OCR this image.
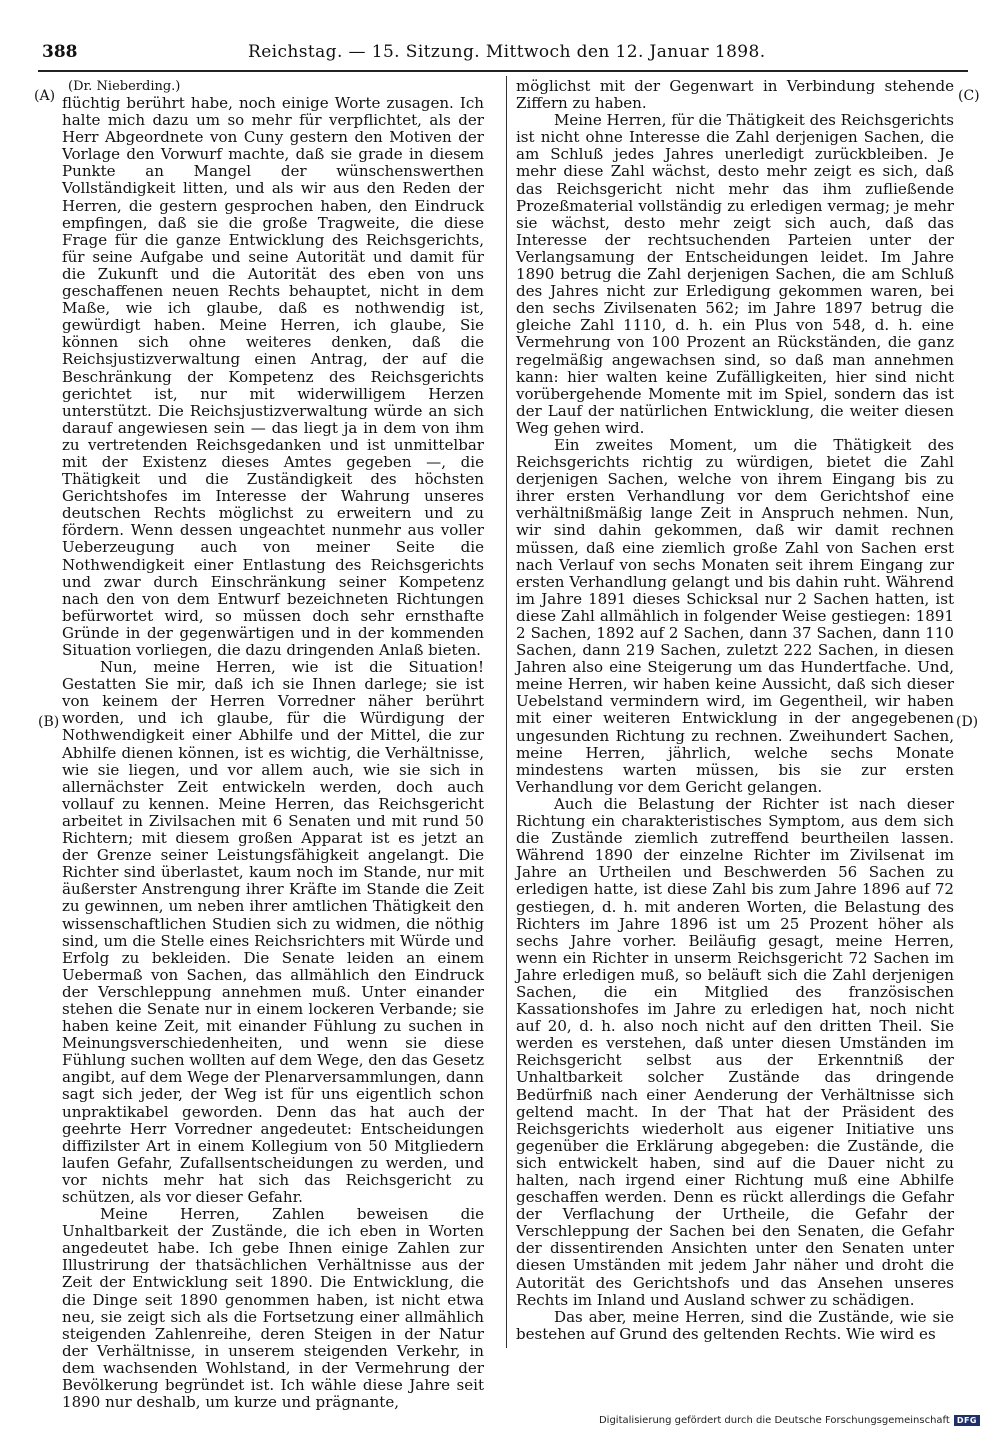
388	Reichstag. — 15. Sitzung. Mittwoch den 12. Januar 1898.
(A)
(B)
(C)
(D)

(Dr. Nieberding.)

flüchtig berührt habe, noch einige Worte zusagen. Ich halte mich dazu um so mehr für verpflichtet, als der Herr Abgeordnete von Cuny gestern den Motiven der Vorlage den Vorwurf machte, daß sie grade in diesem Punkte an Mangel der wünschenswerthen Vollständigkeit litten, und als wir aus den Reden der Herren, die gestern gesprochen haben, den Eindruck empfingen, daß sie die große Tragweite, die diese Frage für die ganze Entwicklung des Reichsgerichts, für seine Aufgabe und seine Autorität und damit für die Zukunft und die Autorität des eben von uns geschaffenen neuen Rechts behauptet, nicht in dem Maße, wie ich glaube, daß es nothwendig ist, gewürdigt haben. Meine Herren, ich glaube, Sie können sich ohne weiteres denken, daß die Reichsjustizverwaltung einen Antrag, der auf die Beschränkung der Kompetenz des Reichsgerichts gerichtet ist, nur mit widerwilligem Herzen unterstützt. Die Reichsjustizverwaltung würde an sich darauf angewiesen sein — das liegt ja in dem von ihm zu vertretenden Reichsgedanken und ist unmittelbar mit der Existenz dieses Amtes gegeben —, die Thätigkeit und die Zuständigkeit des höchsten Gerichtshofes im Interesse der Wahrung unseres deutschen Rechts möglichst zu erweitern und zu fördern. Wenn dessen ungeachtet nunmehr aus voller Ueberzeugung auch von meiner Seite die Nothwendigkeit einer Entlastung des Reichsgerichts und zwar durch Einschränkung seiner Kompetenz nach den von dem Entwurf bezeichneten Richtungen befürwortet wird, so müssen doch sehr ernsthafte Gründe in der gegenwärtigen und in der kommenden Situation vorliegen, die dazu dringenden Anlaß bieten.

Nun, meine Herren, wie ist die Situation! Gestatten Sie mir, daß ich sie Ihnen darlege; sie ist von keinem der Herren Vorredner näher berührt worden, und ich glaube, für die Würdigung der Nothwendigkeit einer Abhilfe und der Mittel, die zur Abhilfe dienen können, ist es wichtig, die Verhältnisse, wie sie liegen, und vor allem auch, wie sie sich in allernächster Zeit entwickeln werden, doch auch vollauf zu kennen. Meine Herren, das Reichsgericht arbeitet in Zivilsachen mit 6 Senaten und mit rund 50 Richtern; mit diesem großen Apparat ist es jetzt an der Grenze seiner Leistungsfähigkeit angelangt. Die Richter sind überlastet, kaum noch im Stande, nur mit äußerster Anstrengung ihrer Kräfte im Stande die Zeit zu gewinnen, um neben ihrer amtlichen Thätigkeit den wissenschaftlichen Studien sich zu widmen, die nöthig sind, um die Stelle eines Reichsrichters mit Würde und Erfolg zu bekleiden. Die Senate leiden an einem Uebermaß von Sachen, das allmählich den Eindruck der Verschleppung annehmen muß. Unter einander stehen die Senate nur in einem lockeren Verbande; sie haben keine Zeit, mit einander Fühlung zu suchen in Meinungsverschiedenheiten, und wenn sie diese Fühlung suchen wollten auf dem Wege, den das Gesetz angibt, auf dem Wege der Plenarversammlungen, dann sagt sich jeder, der Weg ist für uns eigentlich schon unpraktikabel geworden. Denn das hat auch der geehrte Herr Vorredner angedeutet: Entscheidungen diffizilster Art in einem Kollegium von 50 Mitgliedern laufen Gefahr, Zufallsentscheidungen zu werden, und vor nichts mehr hat sich das Reichsgericht zu schützen, als vor dieser Gefahr.

Meine Herren, Zahlen beweisen die Unhaltbarkeit der Zustände, die ich eben in Worten angedeutet habe. Ich gebe Ihnen einige Zahlen zur Illustrirung der thatsächlichen Verhältnisse aus der Zeit der Entwicklung seit 1890. Die Entwicklung, die die Dinge seit 1890 genommen haben, ist nicht etwa neu, sie zeigt sich als die Fortsetzung einer allmählich steigenden Zahlenreihe, deren Steigen in der Natur der Verhältnisse, in unserem steigenden Verkehr, in dem wachsenden Wohlstand, in der Vermehrung der Bevölkerung begründet ist. Ich wähle diese Jahre seit 1890 nur deshalb, um kurze und prägnante,

möglichst mit der Gegenwart in Verbindung stehende Ziffern zu haben.

Meine Herren, für die Thätigkeit des Reichsgerichts ist nicht ohne Interesse die Zahl derjenigen Sachen, die am Schluß jedes Jahres unerledigt zurückbleiben. Je mehr diese Zahl wächst, desto mehr zeigt es sich, daß das Reichsgericht nicht mehr das ihm zufließende Prozeßmaterial vollständig zu erledigen vermag; je mehr sie wächst, desto mehr zeigt sich auch, daß das Interesse der rechtsuchenden Parteien unter der Verlangsamung der Entscheidungen leidet. Im Jahre 1890 betrug die Zahl derjenigen Sachen, die am Schluß des Jahres nicht zur Erledigung gekommen waren, bei den sechs Zivilsenaten 562; im Jahre 1897 betrug die gleiche Zahl 1110, d. h. ein Plus von 548, d. h. eine Vermehrung von 100 Prozent an Rückständen, die ganz regelmäßig angewachsen sind, so daß man annehmen kann: hier walten keine Zufälligkeiten, hier sind nicht vorübergehende Momente mit im Spiel, sondern das ist der Lauf der natürlichen Entwicklung, die weiter diesen Weg gehen wird.

Ein zweites Moment, um die Thätigkeit des Reichsgerichts richtig zu würdigen, bietet die Zahl derjenigen Sachen, welche von ihrem Eingang bis zu ihrer ersten Verhandlung vor dem Gerichtshof eine verhältnißmäßig lange Zeit in Anspruch nehmen. Nun, wir sind dahin gekommen, daß wir damit rechnen müssen, daß eine ziemlich große Zahl von Sachen erst nach Verlauf von sechs Monaten seit ihrem Eingang zur ersten Verhandlung gelangt und bis dahin ruht. Während im Jahre 1891 dieses Schicksal nur 2 Sachen hatten, ist diese Zahl allmählich in folgender Weise gestiegen: 1891 2 Sachen, 1892 auf 2 Sachen, dann 37 Sachen, dann 110 Sachen, dann 219 Sachen, zuletzt 222 Sachen, in diesen Jahren also eine Steigerung um das Hundertfache. Und, meine Herren, wir haben keine Aussicht, daß sich dieser Uebelstand vermindern wird, im Gegentheil, wir haben mit einer weiteren Entwicklung in der angegebenen ungesunden Richtung zu rechnen. Zweihundert Sachen, meine Herren, jährlich, welche sechs Monate mindestens warten müssen, bis sie zur ersten Verhandlung vor dem Gericht gelangen.

Auch die Belastung der Richter ist nach dieser Richtung ein charakteristisches Symptom, aus dem sich die Zustände ziemlich zutreffend beurtheilen lassen. Während 1890 der einzelne Richter im Zivilsenat im Jahre an Urtheilen und Beschwerden 56 Sachen zu erledigen hatte, ist diese Zahl bis zum Jahre 1896 auf 72 gestiegen, d. h. mit anderen Worten, die Belastung des Richters im Jahre 1896 ist um 25 Prozent höher als sechs Jahre vorher. Beiläufig gesagt, meine Herren, wenn ein Richter in unserm Reichsgericht 72 Sachen im Jahre erledigen muß, so beläuft sich die Zahl derjenigen Sachen, die ein Mitglied des französischen Kassationshofes im Jahre zu erledigen hat, noch nicht auf 20, d. h. also noch nicht auf den dritten Theil. Sie werden es verstehen, daß unter diesen Umständen im Reichsgericht selbst aus der Erkenntniß der Unhaltbarkeit solcher Zustände das dringende Bedürfniß nach einer Aenderung der Verhältnisse sich geltend macht. In der That hat der Präsident des Reichsgerichts wiederholt aus eigener Initiative uns gegenüber die Erklärung abgegeben: die Zustände, die sich entwickelt haben, sind auf die Dauer nicht zu halten, nach irgend einer Richtung muß eine Abhilfe geschaffen werden. Denn es rückt allerdings die Gefahr der Verflachung der Urtheile, die Gefahr der Verschleppung der Sachen bei den Senaten, die Gefahr der dissentirenden Ansichten unter den Senaten unter diesen Umständen mit jedem Jahr näher und droht die Autorität des Gerichtshofs und das Ansehen unseres Rechts im Inland und Ausland schwer zu schädigen.

Das aber, meine Herren, sind die Zustände, wie sie bestehen auf Grund des geltenden Rechts. Wie wird es

Digitalisierung gefördert durch die Deutsche Forschungsgemeinschaft DFG
